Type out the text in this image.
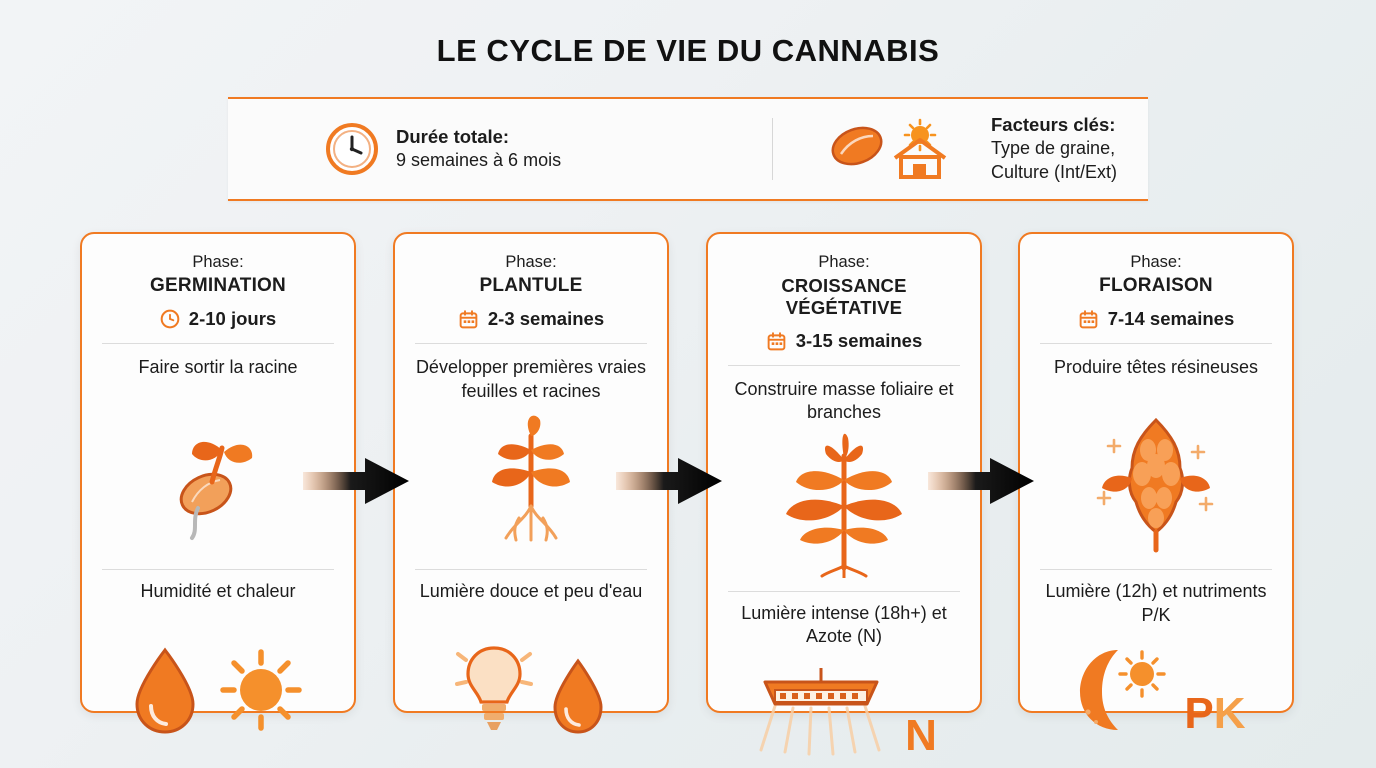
LE CYCLE DE VIE DU CANNABIS
Durée totale:
9 semaines à 6 mois
Facteurs clés:
Type de graine,
Culture (Int/Ext)
Phase:
GERMINATION
2-10 jours
Faire sortir la racine
Humidité et chaleur
Phase:
PLANTULE
2-3 semaines
Développer premières vraies feuilles et racines
Lumière douce et peu d'eau
Phase:
CROISSANCE VÉGÉTATIVE
3-15 semaines
Construire masse foliaire et branches
Lumière intense (18h+) et Azote (N)
N
Phase:
FLORAISON
7-14 semaines
Produire têtes résineuses
Lumière (12h) et nutriments P/K
PK
